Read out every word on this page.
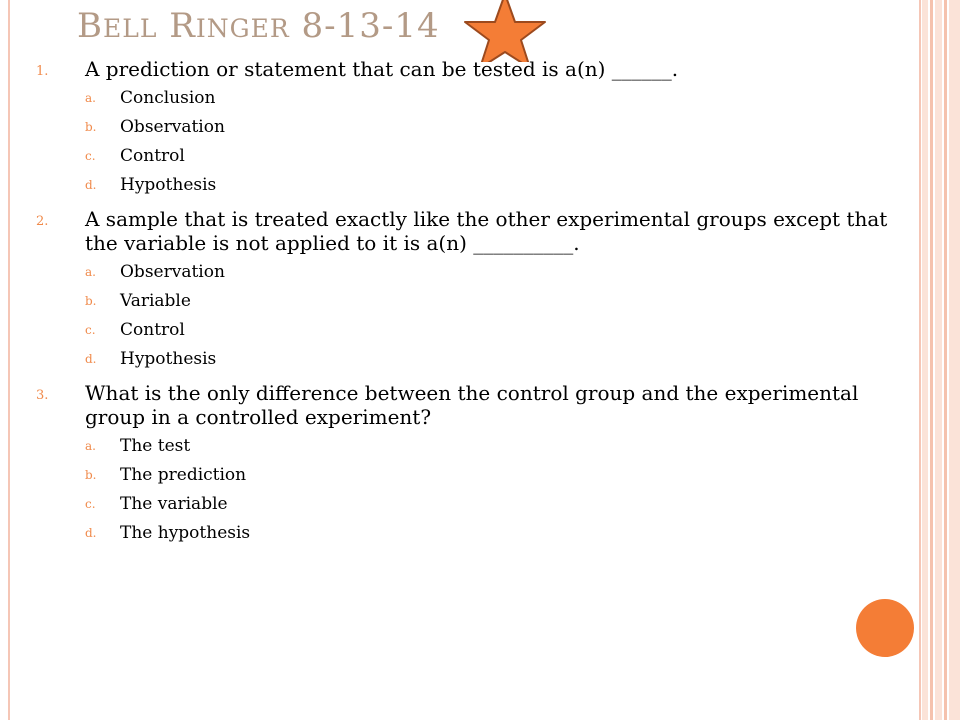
BELL RINGER 8-13-14
1. A prediction or statement that can be tested is a(n) ______.
a. Conclusion
b. Observation
c. Control
d. Hypothesis
2. A sample that is treated exactly like the other experimental groups except that the variable is not applied to it is a(n) __________.
a. Observation
b. Variable
c. Control
d. Hypothesis
3. What is the only difference between the control group and the experimental group in a controlled experiment?
a. The test
b. The prediction
c. The variable
d. The hypothesis
